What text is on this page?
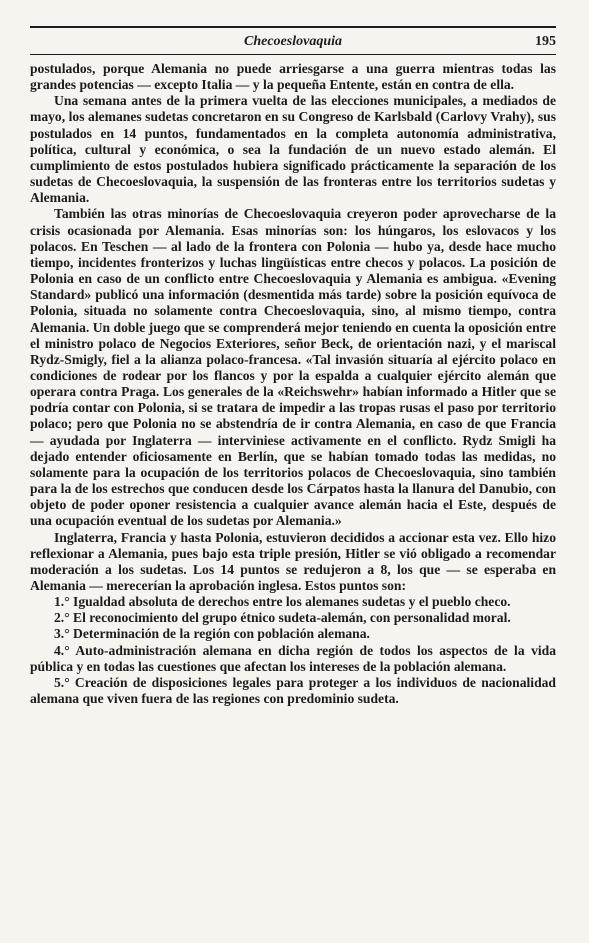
Checoeslovaquia	195

postulados, porque Alemania no puede arriesgarse a una guerra mientras todas las grandes potencias — excepto Italia — y la pequeña Entente, están en contra de ella.

Una semana antes de la primera vuelta de las elecciones municipales, a mediados de mayo, los alemanes sudetas concretaron en su Congreso de Karlsbald (Carlovy Vrahy), sus postulados en 14 puntos, fundamentados en la completa autonomía administrativa, política, cultural y económica, o sea la fundación de un nuevo estado alemán. El cumplimiento de estos postulados hubiera significado prácticamente la separación de los sudetas de Checoeslovaquia, la suspensión de las fronteras entre los territorios sudetas y Alemania.

También las otras minorías de Checoeslovaquia creyeron poder aprovecharse de la crisis ocasionada por Alemania. Esas minorías son: los húngaros, los eslovacos y los polacos. En Teschen — al lado de la frontera con Polonia — hubo ya, desde hace mucho tiempo, incidentes fronterizos y luchas lingüísticas entre checos y polacos. La posición de Polonia en caso de un conflicto entre Checoeslovaquia y Alemania es ambigua. «Evening Standard» publicó una información (desmentida más tarde) sobre la posición equívoca de Polonia, situada no solamente contra Checoeslovaquia, sino, al mismo tiempo, contra Alemania. Un doble juego que se comprenderá mejor teniendo en cuenta la oposición entre el ministro polaco de Negocios Exteriores, señor Beck, de orientación nazi, y el mariscal Rydz-Smigly, fiel a la alianza polaco-francesa. «Tal invasión situaría al ejército polaco en condiciones de rodear por los flancos y por la espalda a cualquier ejército alemán que operara contra Praga. Los generales de la «Reichswehr» habían informado a Hitler que se podría contar con Polonia, si se tratara de impedir a las tropas rusas el paso por territorio polaco; pero que Polonia no se abstendría de ir contra Alemania, en caso de que Francia — ayudada por Inglaterra — interviniese activamente en el conflicto. Rydz Smigli ha dejado entender oficiosamente en Berlín, que se habían tomado todas las medidas, no solamente para la ocupación de los territorios polacos de Checoeslovaquia, sino también para la de los estrechos que conducen desde los Cárpatos hasta la llanura del Danubio, con objeto de poder oponer resistencia a cualquier avance alemán hacia el Este, después de una ocupación eventual de los sudetas por Alemania.»

Inglaterra, Francia y hasta Polonia, estuvieron decididos a accionar esta vez. Ello hizo reflexionar a Alemania, pues bajo esta triple presión, Hitler se vió obligado a recomendar moderación a los sudetas. Los 14 puntos se redujeron a 8, los que — se esperaba en Alemania — merecerían la aprobación inglesa. Estos puntos son:

1.° Igualdad absoluta de derechos entre los alemanes sudetas y el pueblo checo.

2.° El reconocimiento del grupo étnico sudeta-alemán, con personalidad moral.

3.° Determinación de la región con población alemana.

4.° Auto-administración alemana en dicha región de todos los aspectos de la vida pública y en todas las cuestiones que afectan los intereses de la población alemana.

5.° Creación de disposiciones legales para proteger a los individuos de nacionalidad alemana que viven fuera de las regiones con predominio sudeta.
